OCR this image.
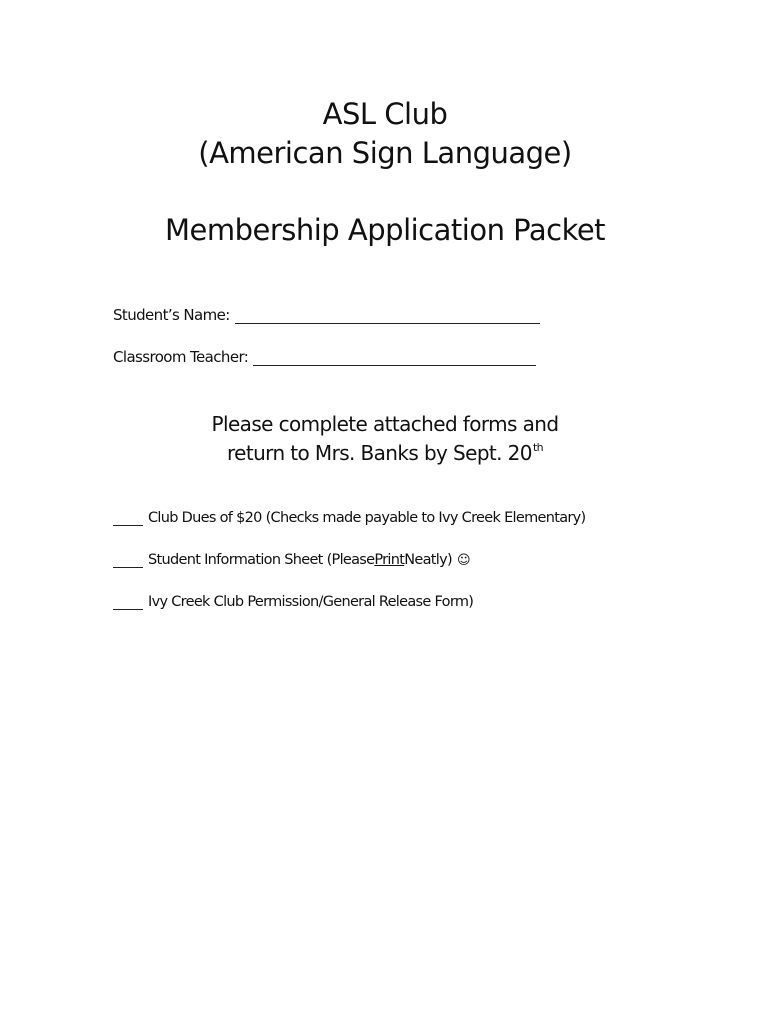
ASL Club
(American Sign Language)
Membership Application Packet
Student’s Name:
Classroom Teacher:
Please complete attached forms and
return to Mrs. Banks by Sept. 20th
Club Dues of $20 (Checks made payable to Ivy Creek Elementary)
Student Information Sheet (Please Print Neatly) ☺
Ivy Creek Club Permission/General Release Form)
